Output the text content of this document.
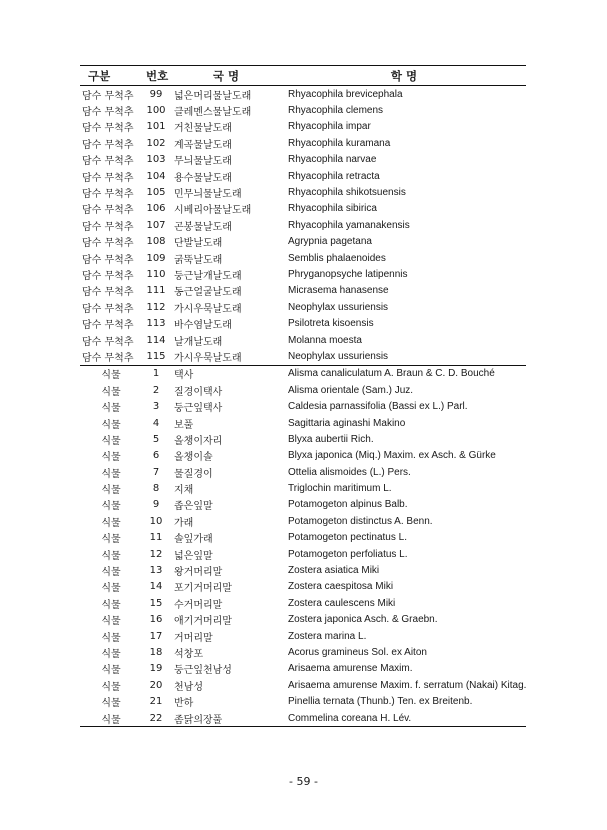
구분	번호	국 명	학 명
담수 무척추	99	넓은머리물날도래	Rhyacophila brevicephala
담수 무척추	100	클레멘스물날도래	Rhyacophila clemens
담수 무척추	101	거친물날도래	Rhyacophila impar
담수 무척추	102	계곡물날도래	Rhyacophila kuramana
담수 무척추	103	무늬물날도래	Rhyacophila narvae
담수 무척추	104	용수물날도래	Rhyacophila retracta
담수 무척추	105	민무늬물날도래	Rhyacophila shikotsuensis
담수 무척추	106	시베리아물날도래	Rhyacophila sibirica
담수 무척추	107	곤봉물날도래	Rhyacophila yamanakensis
담수 무척추	108	단발날도래	Agrypnia pagetana
담수 무척추	109	굵뚝날도래	Semblis phalaenoides
담수 무척추	110	둥근날개날도래	Phryganopsyche latipennis
담수 무척추	111	동근얼굴날도래	Micrasema hanasense
담수 무척추	112	가시우묵날도래	Neophylax ussuriensis
담수 무척추	113	바수염날도래	Psilotreta kisoensis
담수 무척추	114	날개날도래	Molanna moesta
담수 무척추	115	가시우묵날도래	Neophylax ussuriensis
식물	1	택사	Alisma canaliculatum A. Braun & C. D. Bouché
식물	2	질경이택사	Alisma orientale (Sam.) Juz.
식물	3	둥근잎택사	Caldesia parnassifolia (Bassi ex L.) Parl.
식물	4	보풀	Sagittaria aginashi Makino
식물	5	올챙이자리	Blyxa aubertii Rich.
식물	6	올챙이솔	Blyxa japonica (Miq.) Maxim. ex Asch. & Gürke
식물	7	물질경이	Ottelia alismoides (L.) Pers.
식물	8	지채	Triglochin maritimum L.
식물	9	좁은잎말	Potamogeton alpinus Balb.
식물	10	가래	Potamogeton distinctus A. Benn.
식물	11	솔잎가래	Potamogeton pectinatus L.
식물	12	넓은잎말	Potamogeton perfoliatus L.
식물	13	왕거머리말	Zostera asiatica Miki
식물	14	포기거머리말	Zostera caespitosa Miki
식물	15	수거머리말	Zostera caulescens Miki
식물	16	애기거머리말	Zostera japonica Asch. & Graebn.
식물	17	거머리말	Zostera marina L.
식물	18	석창포	Acorus gramineus Sol. ex Aiton
식물	19	둥근잎천남성	Arisaema amurense Maxim.
식물	20	천남성	Arisaema amurense Maxim. f. serratum (Nakai) Kitag.
식물	21	반하	Pinellia ternata (Thunb.) Ten. ex Breitenb.
식물	22	좀닭의장풀	Commelina coreana H. Lév.
- 59 -
